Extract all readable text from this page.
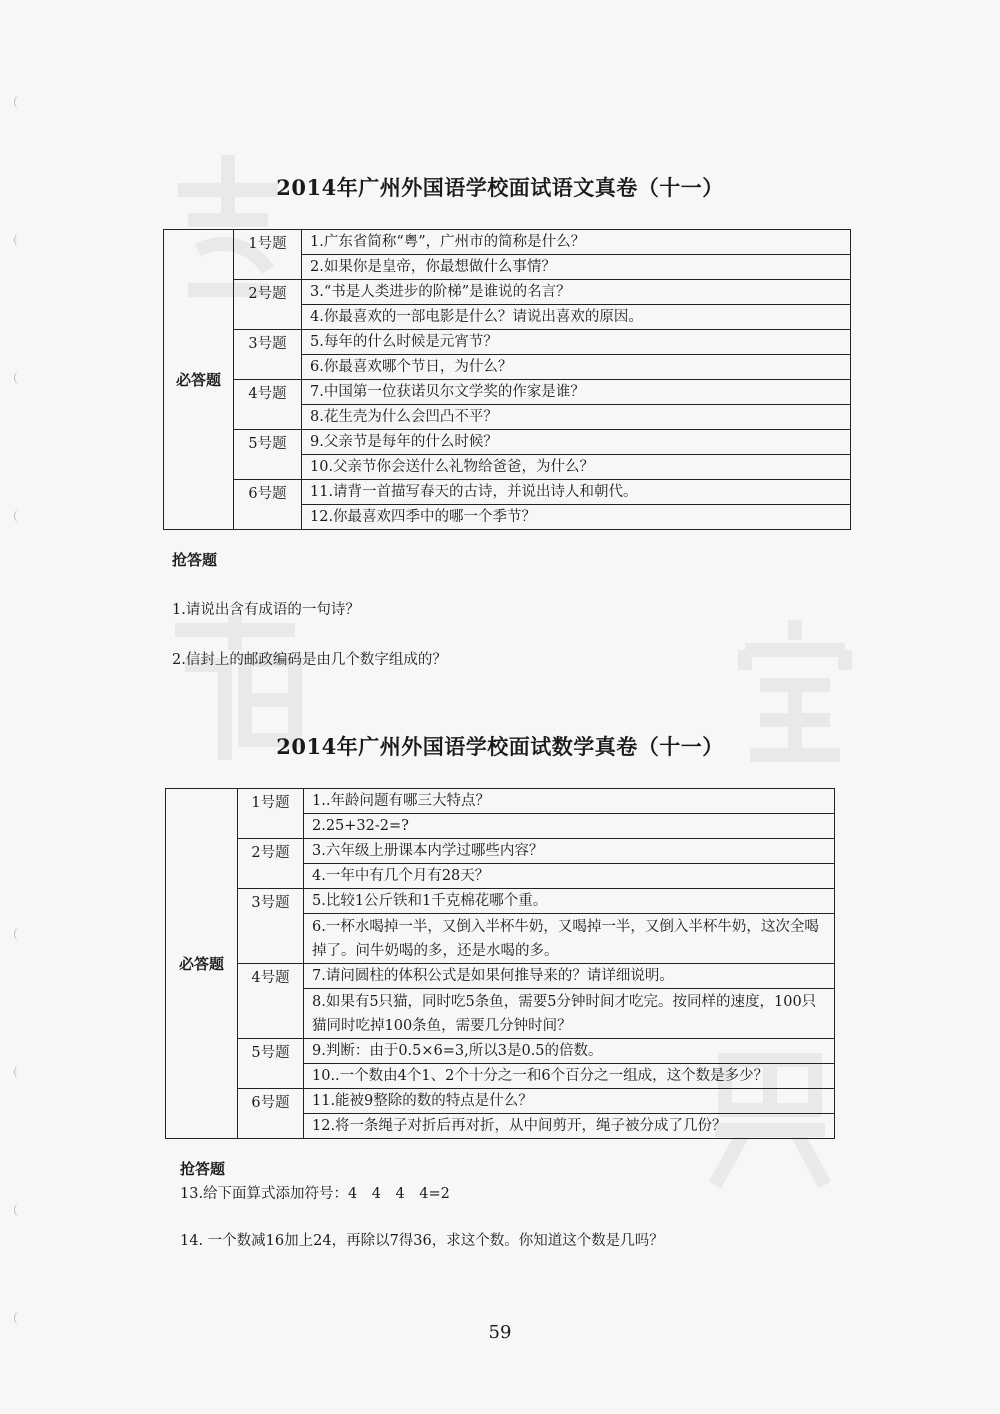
2014年广州外国语学校面试语文真卷（十一）
必答题	1号题	1.广东省简称“粤”，广州市的简称是什么？
		2.如果你是皇帝，你最想做什么事情？
	2号题	3.“书是人类进步的阶梯”是谁说的名言？
		4.你最喜欢的一部电影是什么？请说出喜欢的原因。
	3号题	5.每年的什么时候是元宵节？
		6.你最喜欢哪个节日，为什么？
	4号题	7.中国第一位获诺贝尔文学奖的作家是谁？
		8.花生壳为什么会凹凸不平？
	5号题	9.父亲节是每年的什么时候？
		10.父亲节你会送什么礼物给爸爸，为什么？
	6号题	11.请背一首描写春天的古诗，并说出诗人和朝代。
		12.你最喜欢四季中的哪一个季节？
抢答题
1.请说出含有成语的一句诗？
2.信封上的邮政编码是由几个数字组成的？
2014年广州外国语学校面试数学真卷（十一）
必答题	1号题	1..年龄问题有哪三大特点？
		2.25+32-2=?
	2号题	3.六年级上册课本内学过哪些内容？
		4.一年中有几个月有28天？
	3号题	5.比较1公斤铁和1千克棉花哪个重。
		6.一杯水喝掉一半，又倒入半杯牛奶，又喝掉一半，又倒入半杯牛奶，这次全喝掉了。问牛奶喝的多，还是水喝的多。
	4号题	7.请问圆柱的体积公式是如果何推导来的？请详细说明。
		8.如果有5只猫，同时吃5条鱼，需要5分钟时间才吃完。按同样的速度，100只猫同时吃掉100条鱼，需要几分钟时间？
	5号题	9.判断：由于0.5×6=3,所以3是0.5的倍数。
		10..一个数由4个1、2个十分之一和6个百分之一组成，这个数是多少？
	6号题	11.能被9整除的数的特点是什么？
		12.将一条绳子对折后再对折，从中间剪开，绳子被分成了几份？
抢答题
13.给下面算式添加符号：4　4　4　4=2
14. 一个数减16加上24，再除以7得36，求这个数。你知道这个数是几吗？
59
